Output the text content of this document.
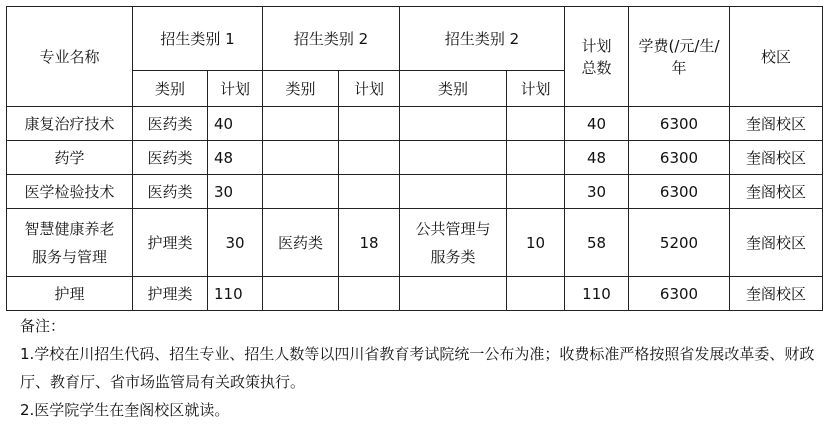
专业名称	招生类别 1		招生类别 2		招生类别 2		计划总数	学费(/元/生/年	校区
	类别	计划	类别	计划	类别	计划			
康复治疗技术	医药类	40					40	6300	奎阁校区
药学	医药类	48					48	6300	奎阁校区
医学检验技术	医药类	30					30	6300	奎阁校区
智慧健康养老服务与管理	护理类	30	医药类	18	公共管理与服务类	10	58	5200	奎阁校区
护理	护理类	110					110	6300	奎阁校区

备注：

1.学校在川招生代码、招生专业、招生人数等以四川省教育考试院统一公布为准；收费标准严格按照省发展改革委、财政厅、教育厅、省市场监管局有关政策执行。

2.医学院学生在奎阁校区就读。
